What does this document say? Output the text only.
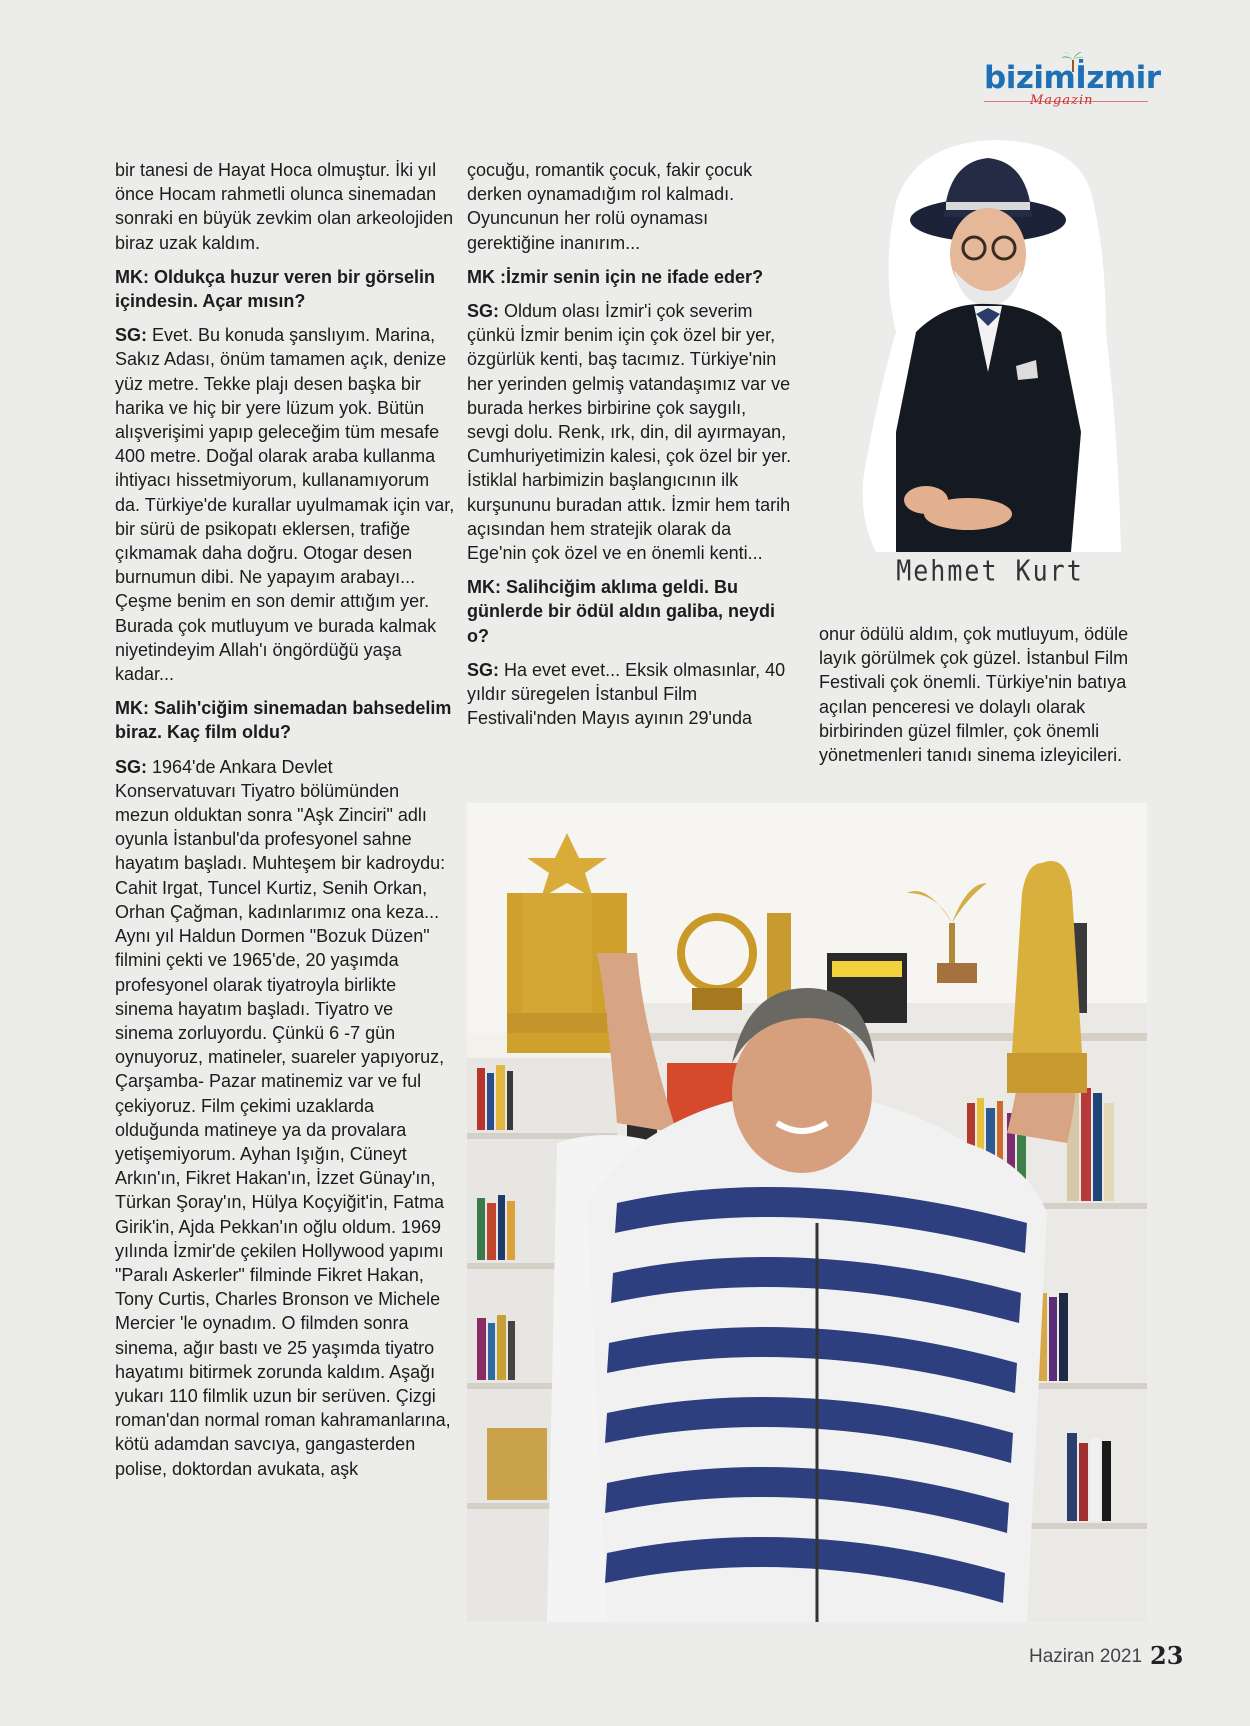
bizimİzmir
Magazin

bir tanesi de Hayat Hoca olmuştur. İki yıl önce Hocam rahmetli olunca sinemadan sonraki en büyük zevkim olan arkeolojiden biraz uzak kaldım.

MK: Oldukça huzur veren bir görselin içindesin. Açar mısın?

SG: Evet. Bu konuda şanslıyım. Marina, Sakız Adası, önüm tamamen açık, denize yüz metre. Tekke plajı desen başka bir harika ve hiç bir yere lüzum yok. Bütün alışverişimi yapıp geleceğim tüm mesafe 400 metre. Doğal olarak araba kullanma ihtiyacı hissetmiyorum, kullanamıyorum da. Türkiye'de kurallar uyulmamak için var, bir sürü de psikopatı eklersen, trafiğe çıkmamak daha doğru. Otogar desen burnumun dibi. Ne yapayım arabayı... Çeşme benim en son demir attığım yer. Burada çok mutluyum ve burada kalmak niyetindeyim Allah'ı öngördüğü yaşa kadar...

MK: Salih'ciğim sinemadan bahsedelim biraz. Kaç film oldu?

SG: 1964'de Ankara Devlet Konservatuvarı Tiyatro bölümünden mezun olduktan sonra "Aşk Zinciri" adlı oyunla İstanbul'da profesyonel sahne hayatım başladı. Muhteşem bir kadroydu: Cahit Irgat, Tuncel Kurtiz, Senih Orkan, Orhan Çağman, kadınlarımız ona keza... Aynı yıl Haldun Dormen "Bozuk Düzen" filmini çekti ve 1965'de, 20 yaşımda profesyonel olarak tiyatroyla birlikte sinema hayatım başladı. Tiyatro ve sinema zorluyordu. Çünkü 6 -7 gün oynuyoruz, matineler, suareler yapıyoruz, Çarşamba- Pazar matinemiz var ve ful çekiyoruz. Film çekimi uzaklarda olduğunda matineye ya da provalara yetişemiyorum. Ayhan Işığın, Cüneyt Arkın'ın, Fikret Hakan'ın, İzzet Günay'ın, Türkan Şoray'ın, Hülya Koçyiğit'in, Fatma Girik'in, Ajda Pekkan'ın oğlu oldum. 1969 yılında İzmir'de çekilen Hollywood yapımı "Paralı Askerler" filminde Fikret Hakan, Tony Curtis, Charles Bronson ve Michele Mercier 'le oynadım. O filmden sonra sinema, ağır bastı ve 25 yaşımda tiyatro hayatımı bitirmek zorunda kaldım. Aşağı yukarı 110 filmlik uzun bir serüven. Çizgi roman'dan normal roman kahramanlarına, kötü adamdan savcıya, gangasterden polise, doktordan avukata, aşk

çocuğu, romantik çocuk, fakir çocuk derken oynamadığım rol kalmadı. Oyuncunun her rolü oynaması gerektiğine inanırım...

MK :İzmir senin için ne ifade eder?

SG: Oldum olası İzmir'i çok severim çünkü İzmir benim için çok özel bir yer, özgürlük kenti, baş tacımız. Türkiye'nin her yerinden gelmiş vatandaşımız var ve burada herkes birbirine çok saygılı, sevgi dolu. Renk, ırk, din, dil ayırmayan, Cumhuriyetimizin kalesi, çok özel bir yer. İstiklal harbimizin başlangıcının ilk kurşununu buradan attık. İzmir hem tarih açısından hem stratejik olarak da Ege'nin çok özel ve en önemli kenti...

MK: Salihciğim aklıma geldi. Bu günlerde bir ödül aldın galiba, neydi o?

SG: Ha evet evet... Eksik olmasınlar, 40 yıldır süregelen İstanbul Film Festivali'nden Mayıs ayının 29'unda

onur ödülü aldım, çok mutluyum, ödüle layık görülmek çok güzel. İstanbul Film Festivali çok önemli. Türkiye'nin batıya açılan penceresi ve dolaylı olarak birbirinden güzel filmler, çok önemli yönetmenleri tanıdı sinema izleyicileri.

Mehmet Kurt
Haziran 2021 23
